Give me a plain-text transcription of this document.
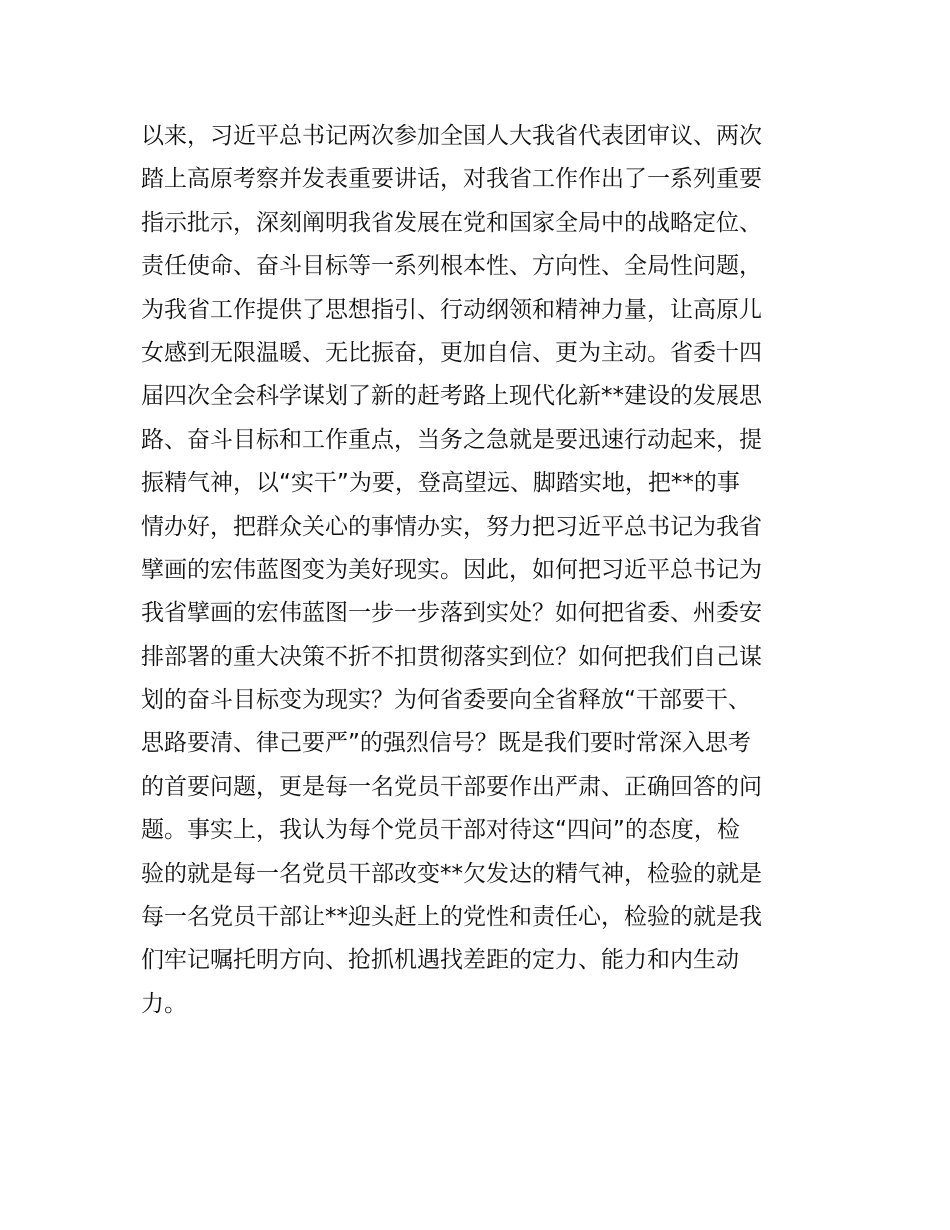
以来，习近平总书记两次参加全国人大我省代表团审议、两次
踏上高原考察并发表重要讲话，对我省工作作出了一系列重要
指示批示，深刻阐明我省发展在党和国家全局中的战略定位、
责任使命、奋斗目标等一系列根本性、方向性、全局性问题，
为我省工作提供了思想指引、行动纲领和精神力量，让高原儿
女感到无限温暖、无比振奋，更加自信、更为主动。省委十四
届四次全会科学谋划了新的赶考路上现代化新**建设的发展思
路、奋斗目标和工作重点，当务之急就是要迅速行动起来，提
振精气神，以“实干”为要，登高望远、脚踏实地，把**的事
情办好，把群众关心的事情办实，努力把习近平总书记为我省
擘画的宏伟蓝图变为美好现实。因此，如何把习近平总书记为
我省擘画的宏伟蓝图一步一步落到实处？如何把省委、州委安
排部署的重大决策不折不扣贯彻落实到位？如何把我们自己谋
划的奋斗目标变为现实？为何省委要向全省释放“干部要干、
思路要清、律己要严”的强烈信号？既是我们要时常深入思考
的首要问题，更是每一名党员干部要作出严肃、正确回答的问
题。事实上，我认为每个党员干部对待这“四问”的态度，检
验的就是每一名党员干部改变**欠发达的精气神，检验的就是
每一名党员干部让**迎头赶上的党性和责任心，检验的就是我
们牢记嘱托明方向、抢抓机遇找差距的定力、能力和内生动
力。
